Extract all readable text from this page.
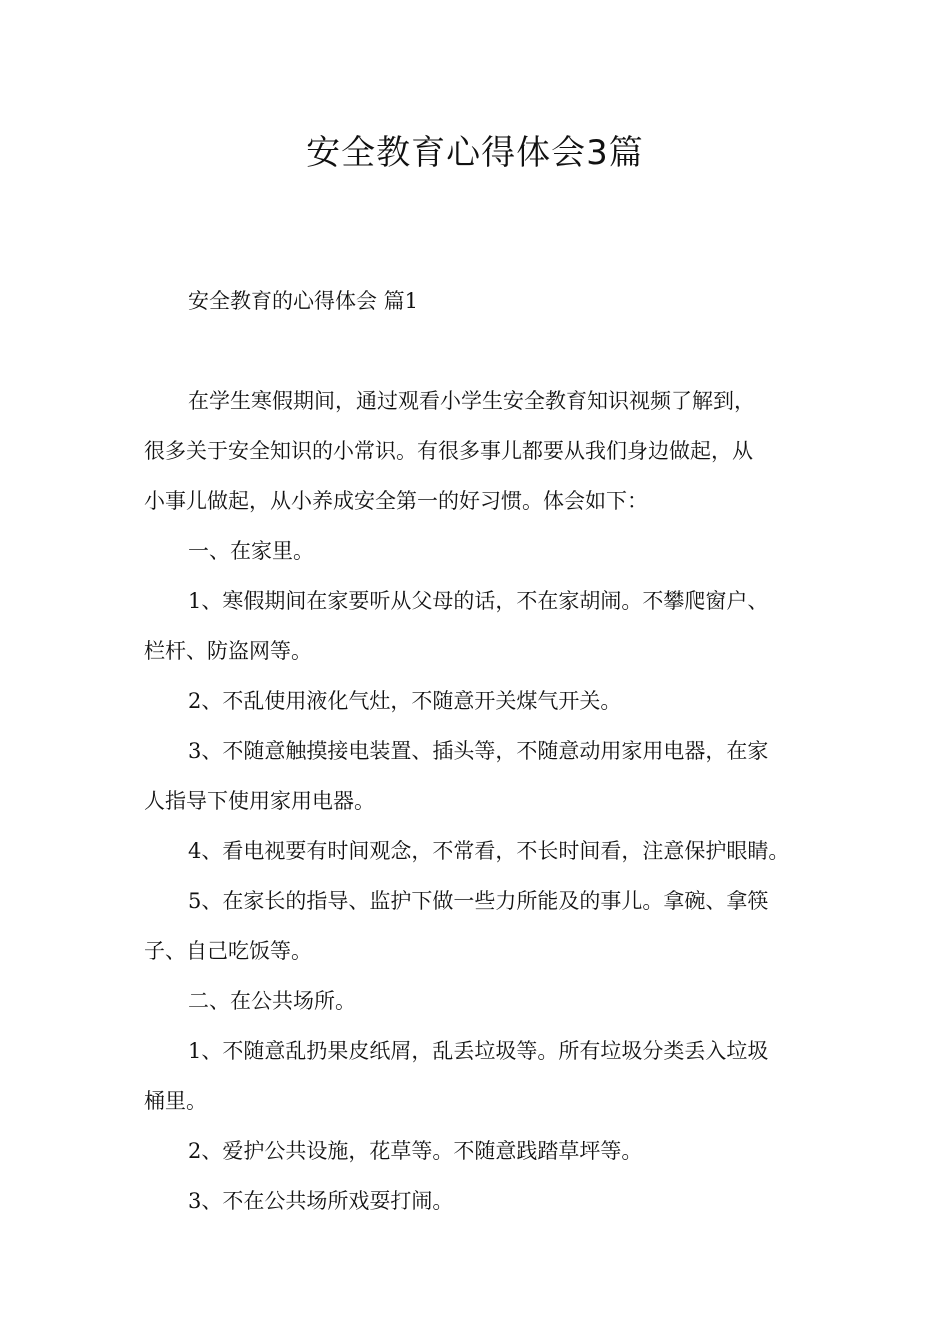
安全教育心得体会3篇

安全教育的心得体会 篇1

在学生寒假期间，通过观看小学生安全教育知识视频了解到，

很多关于安全知识的小常识。有很多事儿都要从我们身边做起，从

小事儿做起，从小养成安全第一的好习惯。体会如下：

一、在家里。

1、寒假期间在家要听从父母的话，不在家胡闹。不攀爬窗户、

栏杆、防盗网等。

2、不乱使用液化气灶，不随意开关煤气开关。

3、不随意触摸接电装置、插头等，不随意动用家用电器，在家

人指导下使用家用电器。

4、看电视要有时间观念，不常看，不长时间看，注意保护眼睛。

5、在家长的指导、监护下做一些力所能及的事儿。拿碗、拿筷

子、自己吃饭等。

二、在公共场所。

1、不随意乱扔果皮纸屑，乱丢垃圾等。所有垃圾分类丢入垃圾

桶里。

2、爱护公共设施，花草等。不随意践踏草坪等。

3、不在公共场所戏耍打闹。
